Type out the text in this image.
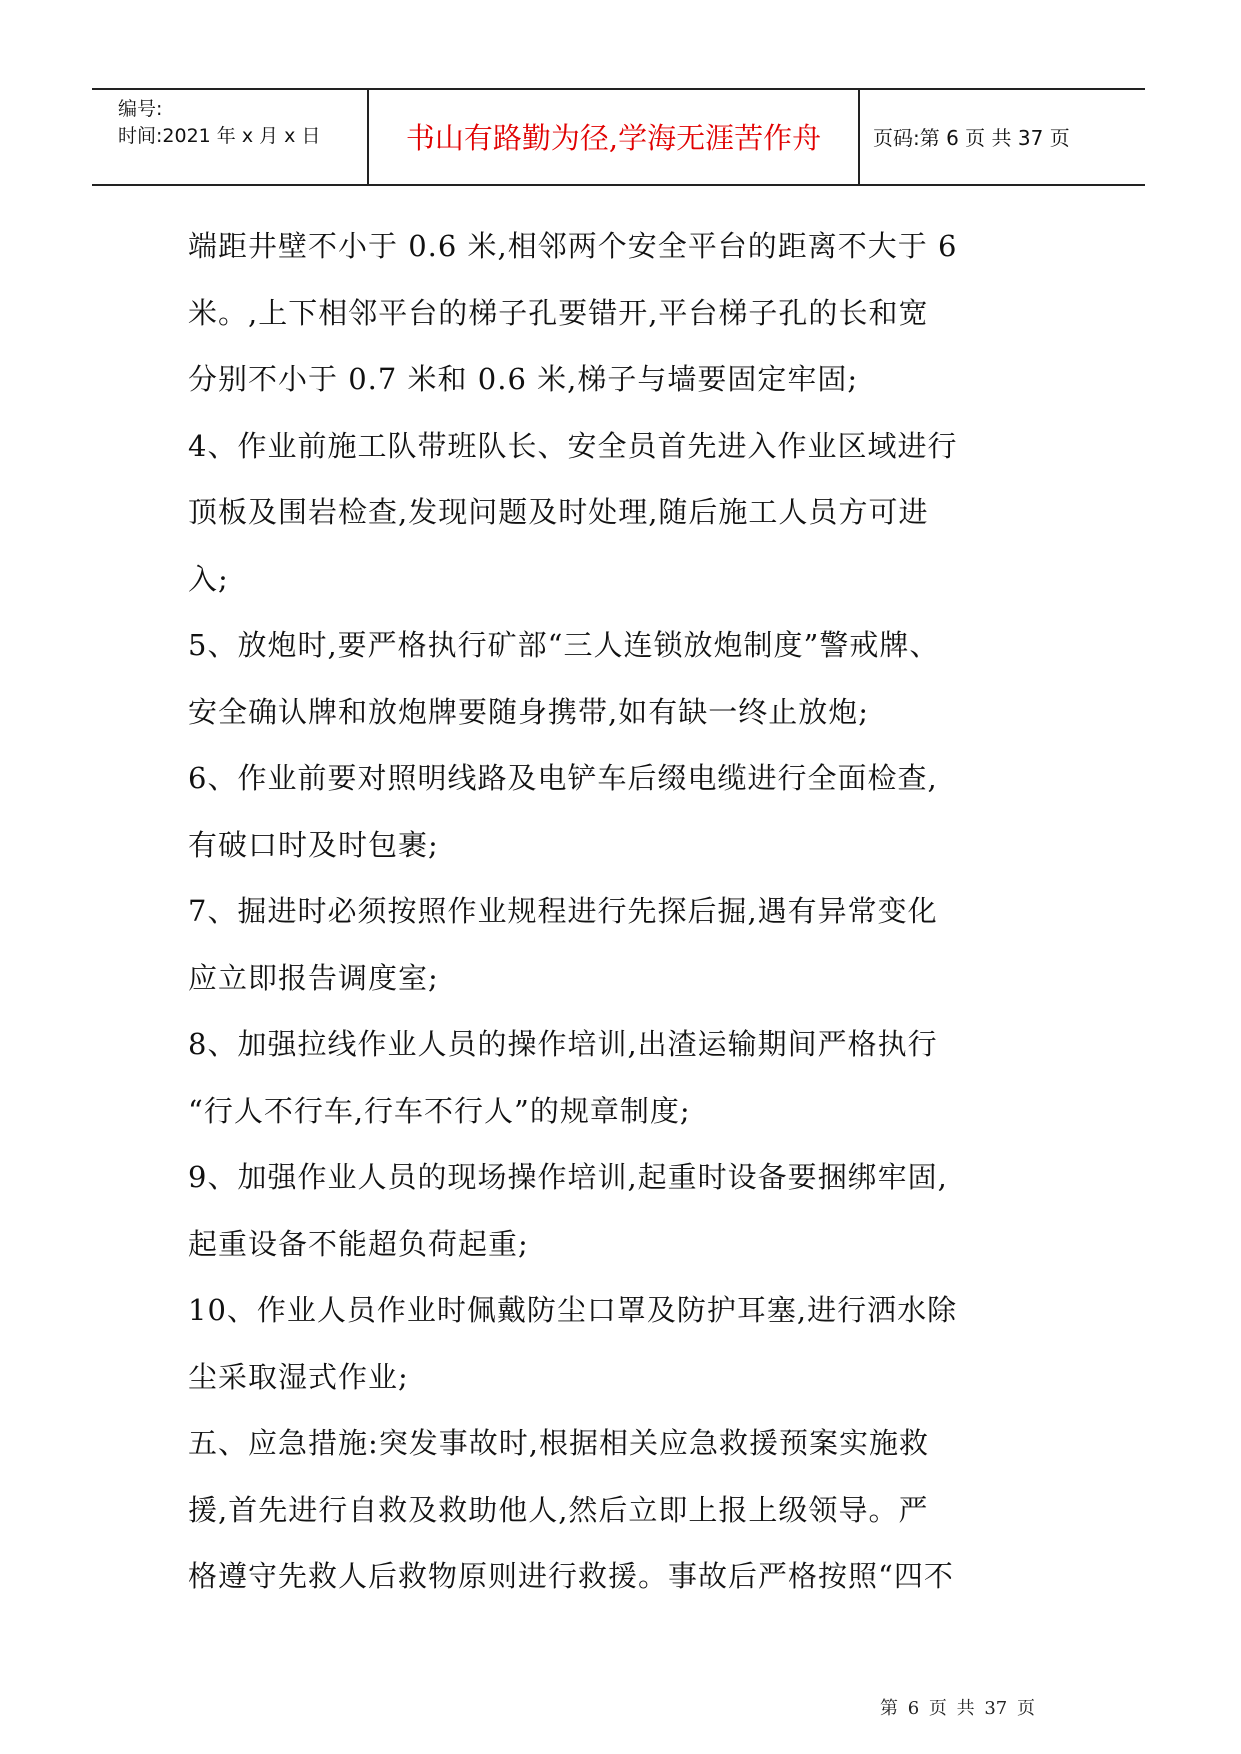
编号:
时间:2021 年 x 月 x 日	书山有路勤为径,学海无涯苦作舟	页码:第 6 页 共 37 页
端距井壁不小于 0.6 米,相邻两个安全平台的距离不大于 6
米。,上下相邻平台的梯子孔要错开,平台梯子孔的长和宽
分别不小于 0.7 米和 0.6 米,梯子与墙要固定牢固;
4、作业前施工队带班队长、安全员首先进入作业区域进行
顶板及围岩检查,发现问题及时处理,随后施工人员方可进
入;
5、放炮时,要严格执行矿部“三人连锁放炮制度”警戒牌、
安全确认牌和放炮牌要随身携带,如有缺一终止放炮;
6、作业前要对照明线路及电铲车后缀电缆进行全面检查,
有破口时及时包裹;
7、掘进时必须按照作业规程进行先探后掘,遇有异常变化
应立即报告调度室;
8、加强拉线作业人员的操作培训,出渣运输期间严格执行
“行人不行车,行车不行人”的规章制度;
9、加强作业人员的现场操作培训,起重时设备要捆绑牢固,
起重设备不能超负荷起重;
10、作业人员作业时佩戴防尘口罩及防护耳塞,进行洒水除
尘采取湿式作业;
五、应急措施:突发事故时,根据相关应急救援预案实施救
援,首先进行自救及救助他人,然后立即上报上级领导。严
格遵守先救人后救物原则进行救援。事故后严格按照“四不
第 6 页 共 37 页
